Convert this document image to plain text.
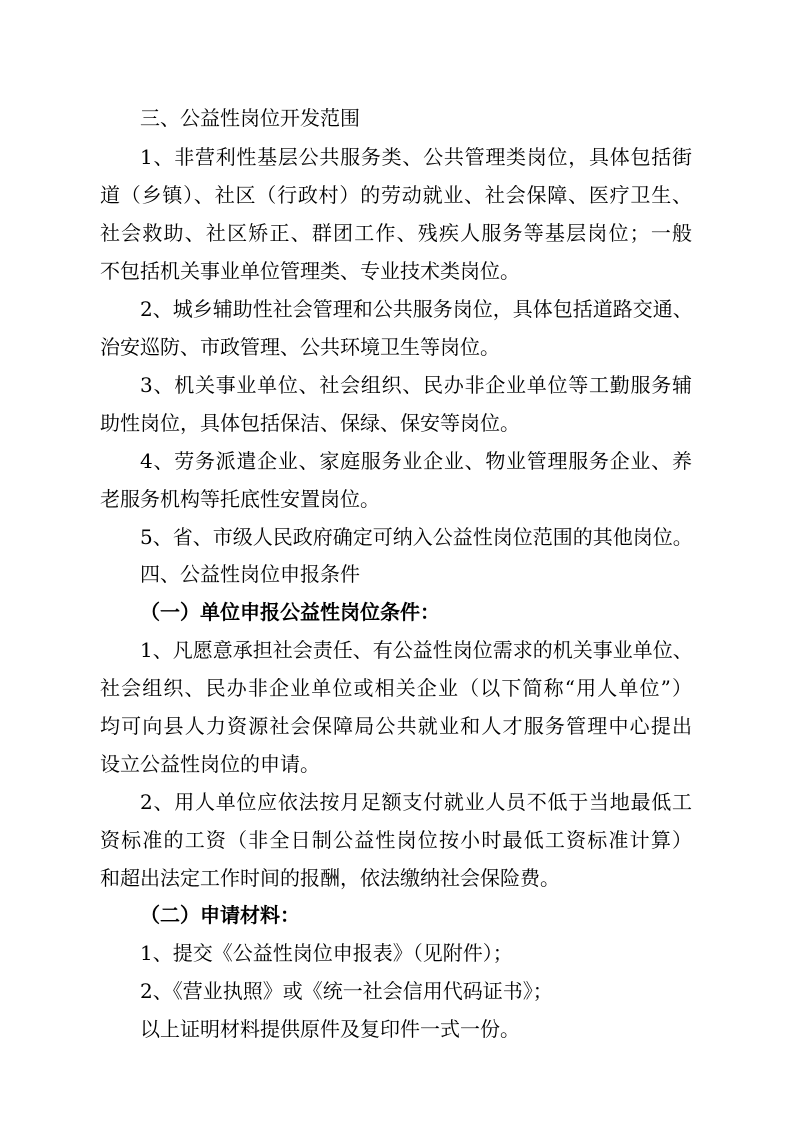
三、公益性岗位开发范围
1、非营利性基层公共服务类、公共管理类岗位，具体包括街
道（乡镇）、社区（行政村）的劳动就业、社会保障、医疗卫生、
社会救助、社区矫正、群团工作、残疾人服务等基层岗位；一般
不包括机关事业单位管理类、专业技术类岗位。
2、城乡辅助性社会管理和公共服务岗位，具体包括道路交通、
治安巡防、市政管理、公共环境卫生等岗位。
3、机关事业单位、社会组织、民办非企业单位等工勤服务辅
助性岗位，具体包括保洁、保绿、保安等岗位。
4、劳务派遣企业、家庭服务业企业、物业管理服务企业、养
老服务机构等托底性安置岗位。
5、省、市级人民政府确定可纳入公益性岗位范围的其他岗位。
四、公益性岗位申报条件
（一）单位申报公益性岗位条件：
1、凡愿意承担社会责任、有公益性岗位需求的机关事业单位、
社会组织、民办非企业单位或相关企业（以下简称“用人单位”）
均可向县人力资源社会保障局公共就业和人才服务管理中心提出
设立公益性岗位的申请。
2、用人单位应依法按月足额支付就业人员不低于当地最低工
资标准的工资（非全日制公益性岗位按小时最低工资标准计算）
和超出法定工作时间的报酬，依法缴纳社会保险费。
（二）申请材料：
1、提交《公益性岗位申报表》（见附件）；
2、《营业执照》或《统一社会信用代码证书》；
以上证明材料提供原件及复印件一式一份。
